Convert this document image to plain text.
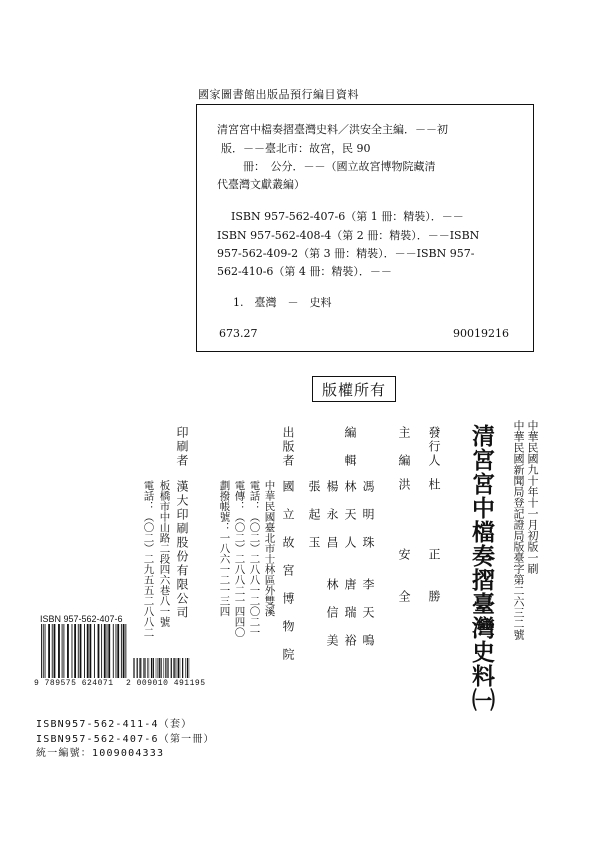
國家圖書館出版品預行編目資料
清宮宮中檔奏摺臺灣史料／洪安全主編．－－初
版．－－臺北市：故宮，民 90
冊：　公分．－－（國立故宮博物院藏清
代臺灣文獻叢編）
ISBN 957-562-407-6（第 1 冊：精裝）．－－
ISBN 957-562-408-4（第 2 冊：精裝）．－－ISBN
957-562-409-2（第 3 冊：精裝）．－－ISBN 957-
562-410-6（第 4 冊：精裝）．－－
1.　臺灣　－　史料
673.27	90019216
版權所有
中華民國九十年十一月初版一刷
中華民國新聞局登記證局版臺字第二六三二號
清宮宮中檔奏摺臺灣史料㈠
發行人
杜　　　　正　　勝
主　編
洪　　　　安　　全
編　輯
馮　明　珠　　李　天　鳴
林　天　人　　唐　瑞　裕
楊　永　昌　　林　信　美
張　起　玉
出版者
國　立　故　宮　博　物　院
中華民國臺北市士林區外雙溪
電話：（〇二）二八八一二〇二一
電傳：（〇二）二八八二一四四〇
劃撥帳號：一八六一二一三四
印刷者
漢大印刷股份有限公司
板橋市中山路二段四六巷八一號
電話：（〇二）二九五五二八八二
ISBN 957-562-407-6
9 789575 624071 2 009010 491195
ISBN957-562-411-4（套）
ISBN957-562-407-6（第一冊）
統一編號：1009004333
